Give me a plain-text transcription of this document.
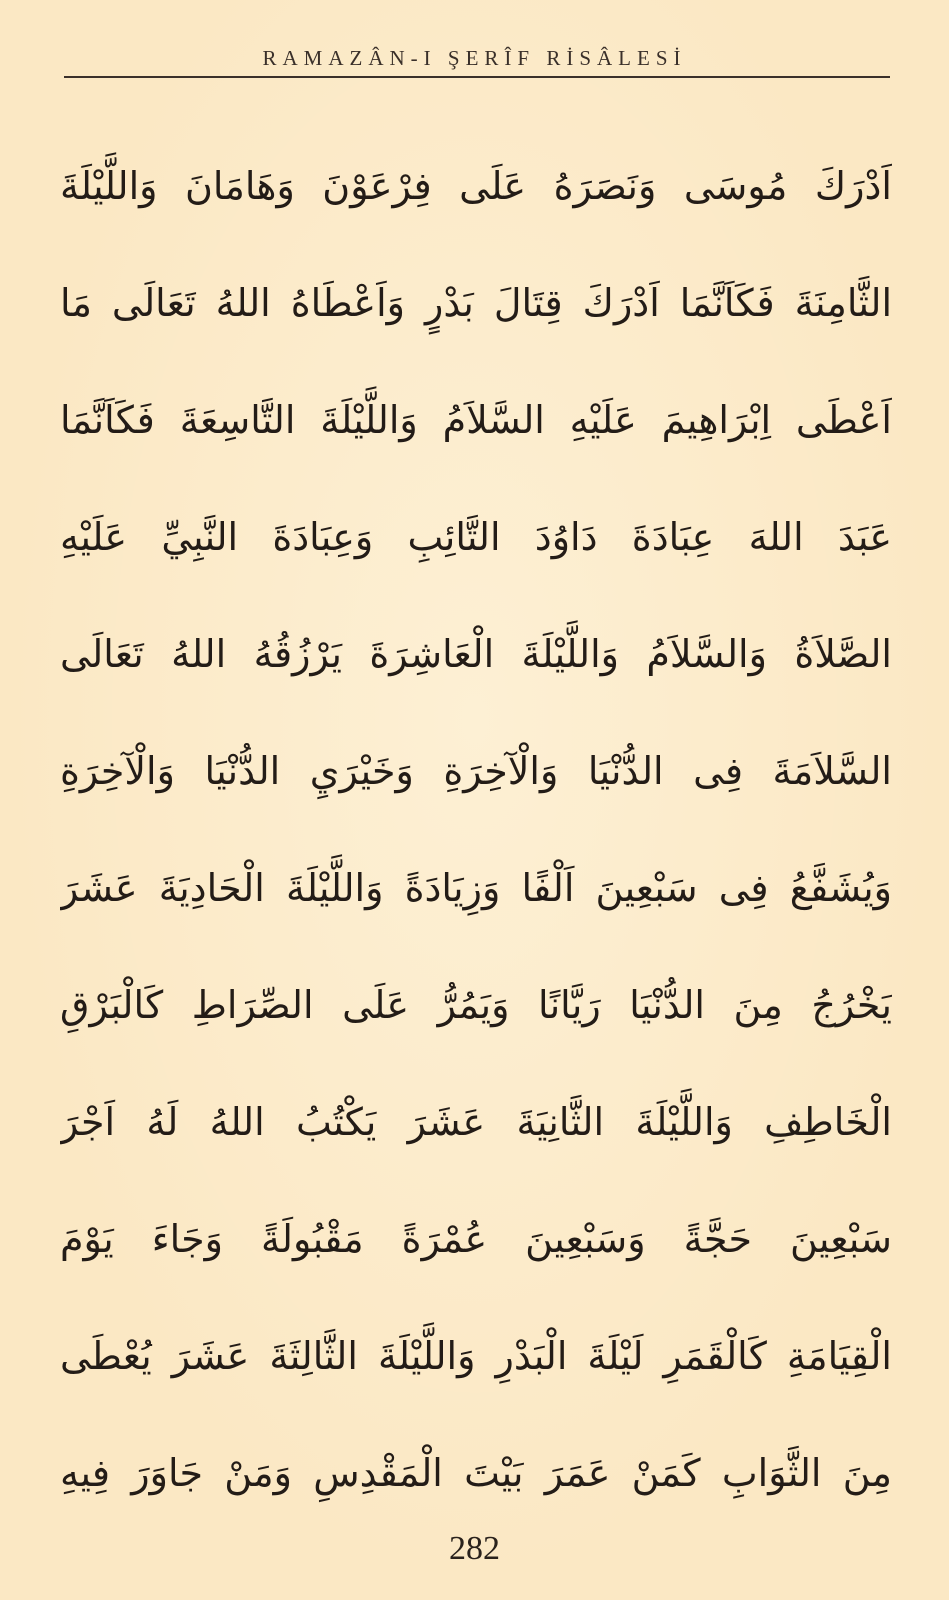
RAMAZÂN-I ŞERÎF RİSÂLESİ
اَدْرَكَ مُوسَى وَنَصَرَهُ عَلَى فِرْعَوْنَ وَهَامَانَ وَاللَّيْلَةَ
الثَّامِنَةَ فَكَاَنَّمَا اَدْرَكَ قِتَالَ بَدْرٍ وَاَعْطَاهُ اللهُ تَعَالَى مَا
اَعْطَى اِبْرَاهِيمَ عَلَيْهِ السَّلاَمُ وَاللَّيْلَةَ التَّاسِعَةَ فَكَاَنَّمَا
عَبَدَ اللهَ عِبَادَةَ دَاوُدَ التَّائِبِ وَعِبَادَةَ النَّبِيِّ عَلَيْهِ
الصَّلاَةُ وَالسَّلاَمُ وَاللَّيْلَةَ الْعَاشِرَةَ يَرْزُقُهُ اللهُ تَعَالَى
السَّلاَمَةَ فِى الدُّنْيَا وَالْآخِرَةِ وَخَيْرَيِ الدُّنْيَا وَالْآخِرَةِ
وَيُشَفَّعُ فِى سَبْعِينَ اَلْفًا وَزِيَادَةً وَاللَّيْلَةَ الْحَادِيَةَ عَشَرَ
يَخْرُجُ مِنَ الدُّنْيَا رَيَّانًا وَيَمُرُّ عَلَى الصِّرَاطِ كَالْبَرْقِ
الْخَاطِفِ وَاللَّيْلَةَ الثَّانِيَةَ عَشَرَ يَكْتُبُ اللهُ لَهُ اَجْرَ
سَبْعِينَ حَجَّةً وَسَبْعِينَ عُمْرَةً مَقْبُولَةً وَجَاءَ يَوْمَ
الْقِيَامَةِ كَالْقَمَرِ لَيْلَةَ الْبَدْرِ وَاللَّيْلَةَ الثَّالِثَةَ عَشَرَ يُعْطَى
مِنَ الثَّوَابِ كَمَنْ عَمَرَ بَيْتَ الْمَقْدِسِ وَمَنْ جَاوَرَ فِيهِ
282
